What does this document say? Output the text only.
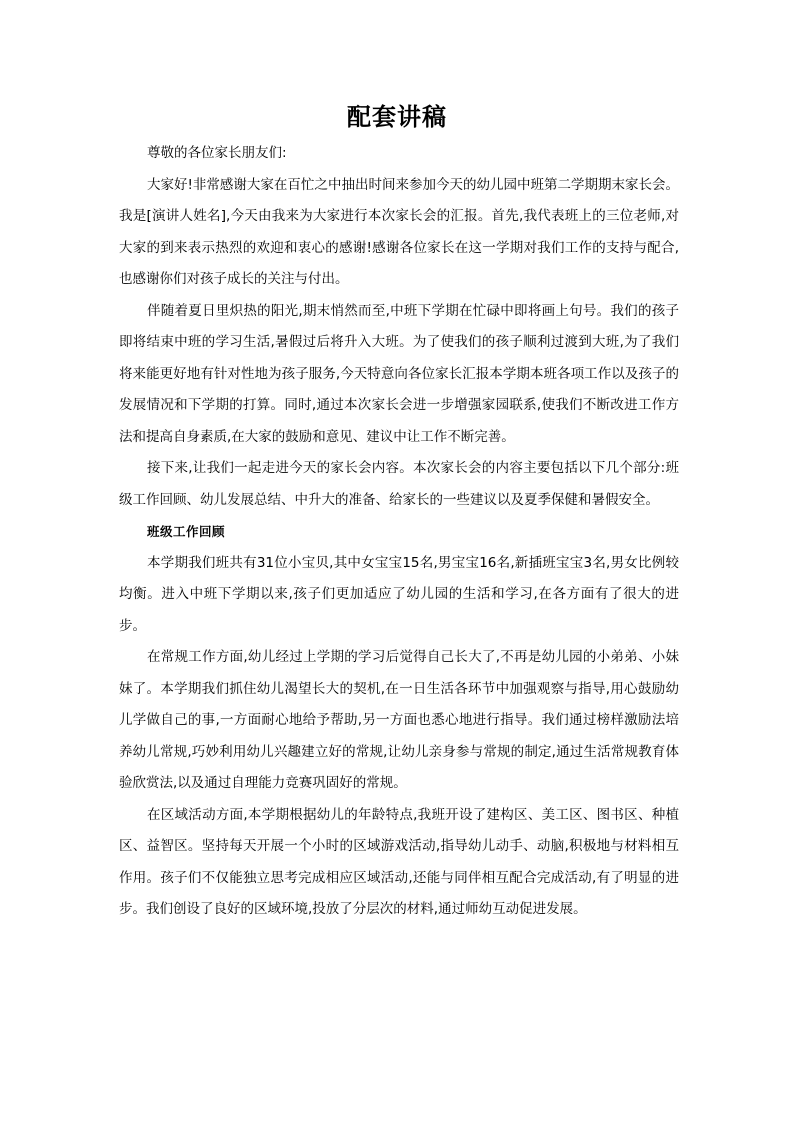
配套讲稿

尊敬的各位家长朋友们:

大家好!非常感谢大家在百忙之中抽出时间来参加今天的幼儿园中班第二学期期末家长会。我是[演讲人姓名],今天由我来为大家进行本次家长会的汇报。首先,我代表班上的三位老师,对大家的到来表示热烈的欢迎和衷心的感谢!感谢各位家长在这一学期对我们工作的支持与配合,也感谢你们对孩子成长的关注与付出。

伴随着夏日里炽热的阳光,期末悄然而至,中班下学期在忙碌中即将画上句号。我们的孩子即将结束中班的学习生活,暑假过后将升入大班。为了使我们的孩子顺利过渡到大班,为了我们将来能更好地有针对性地为孩子服务,今天特意向各位家长汇报本学期本班各项工作以及孩子的发展情况和下学期的打算。同时,通过本次家长会进一步增强家园联系,使我们不断改进工作方法和提高自身素质,在大家的鼓励和意见、建议中让工作不断完善。

接下来,让我们一起走进今天的家长会内容。本次家长会的内容主要包括以下几个部分:班级工作回顾、幼儿发展总结、中升大的准备、给家长的一些建议以及夏季保健和暑假安全。

班级工作回顾

本学期我们班共有31位小宝贝,其中女宝宝15名,男宝宝16名,新插班宝宝3名,男女比例较均衡。进入中班下学期以来,孩子们更加适应了幼儿园的生活和学习,在各方面有了很大的进步。

在常规工作方面,幼儿经过上学期的学习后觉得自己长大了,不再是幼儿园的小弟弟、小妹妹了。本学期我们抓住幼儿渴望长大的契机,在一日生活各环节中加强观察与指导,用心鼓励幼儿学做自己的事,一方面耐心地给予帮助,另一方面也悉心地进行指导。我们通过榜样激励法培养幼儿常规,巧妙利用幼儿兴趣建立好的常规,让幼儿亲身参与常规的制定,通过生活常规教育体验欣赏法,以及通过自理能力竞赛巩固好的常规。

在区域活动方面,本学期根据幼儿的年龄特点,我班开设了建构区、美工区、图书区、种植区、益智区。坚持每天开展一个小时的区域游戏活动,指导幼儿动手、动脑,积极地与材料相互作用。孩子们不仅能独立思考完成相应区域活动,还能与同伴相互配合完成活动,有了明显的进步。我们创设了良好的区域环境,投放了分层次的材料,通过师幼互动促进发展。
